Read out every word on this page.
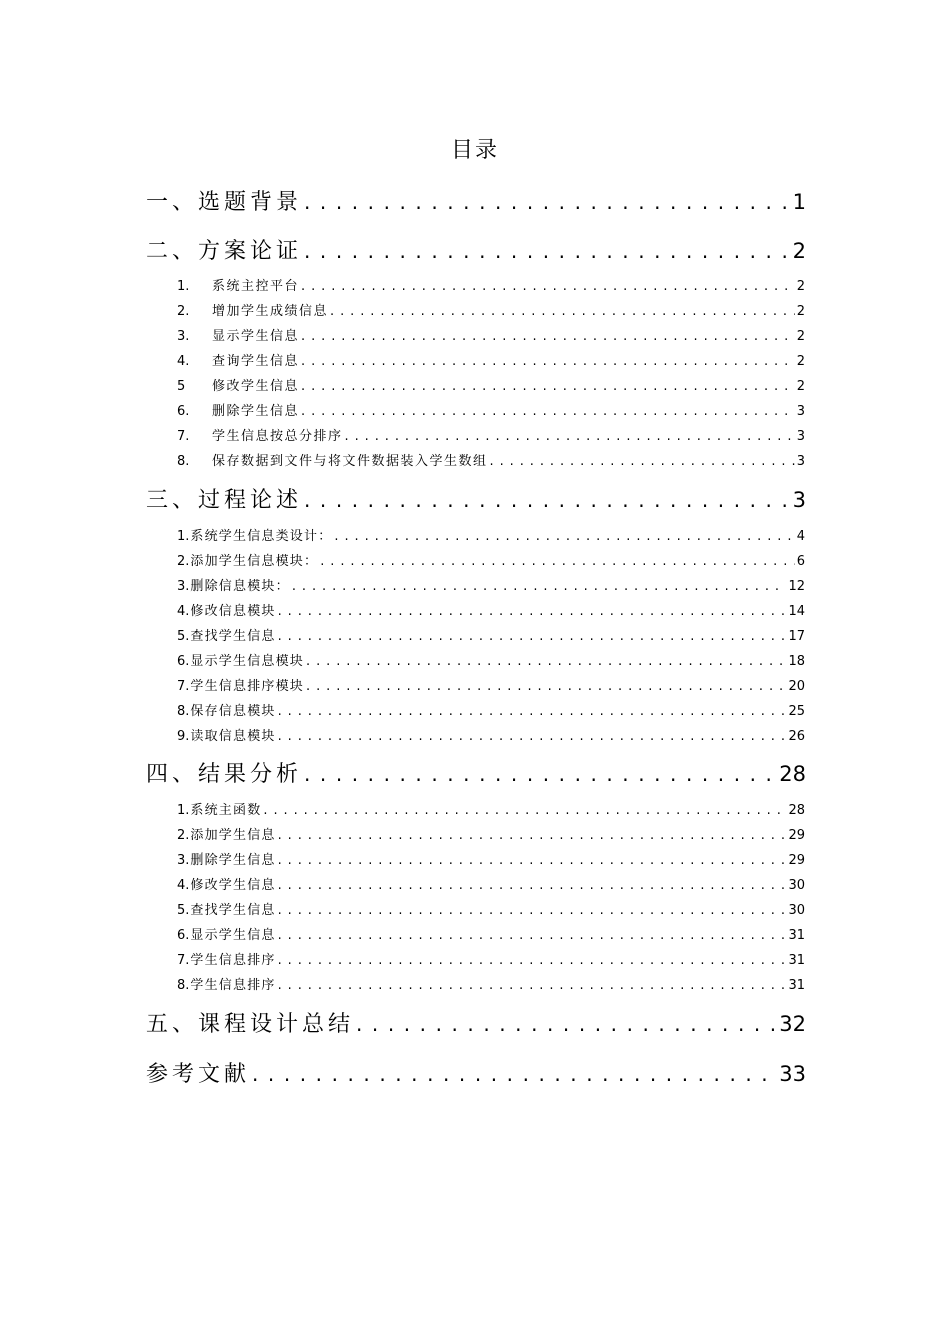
目录
一、选题背景 . . .	1
二、方案论证 . . .	2
1.	系统主控平台 . . .	2
2.	增加学生成绩信息 . . .	2
3.	显示学生信息 . . .	2
4.	查询学生信息 . . .	2
5	修改学生信息 . . .	2
6.	删除学生信息 . . .	3
7.	学生信息按总分排序 . . .	3
8.	保存数据到文件与将文件数据装入学生数组 . . .	3
三、过程论述 . . .	3
1. 系统学生信息类设计： . . .	4
2. 添加学生信息模块： . . .	6
3. 删除信息模块： . . .	12
4. 修改信息模块 . . .	14
5. 查找学生信息 . . .	17
6. 显示学生信息模块 . . .	18
7. 学生信息排序模块 . . .	20
8. 保存信息模块 . . .	25
9. 读取信息模块 . . .	26
四、结果分析 . . .	28
1. 系统主函数 . . .	28
2. 添加学生信息 . . .	29
3. 删除学生信息 . . .	29
4. 修改学生信息 . . .	30
5. 查找学生信息 . . .	30
6. 显示学生信息 . . .	31
7. 学生信息排序 . . .	31
8. 学生信息排序 . . .	31
五、课程设计总结 . . .	32
参考文献 . . .	33
